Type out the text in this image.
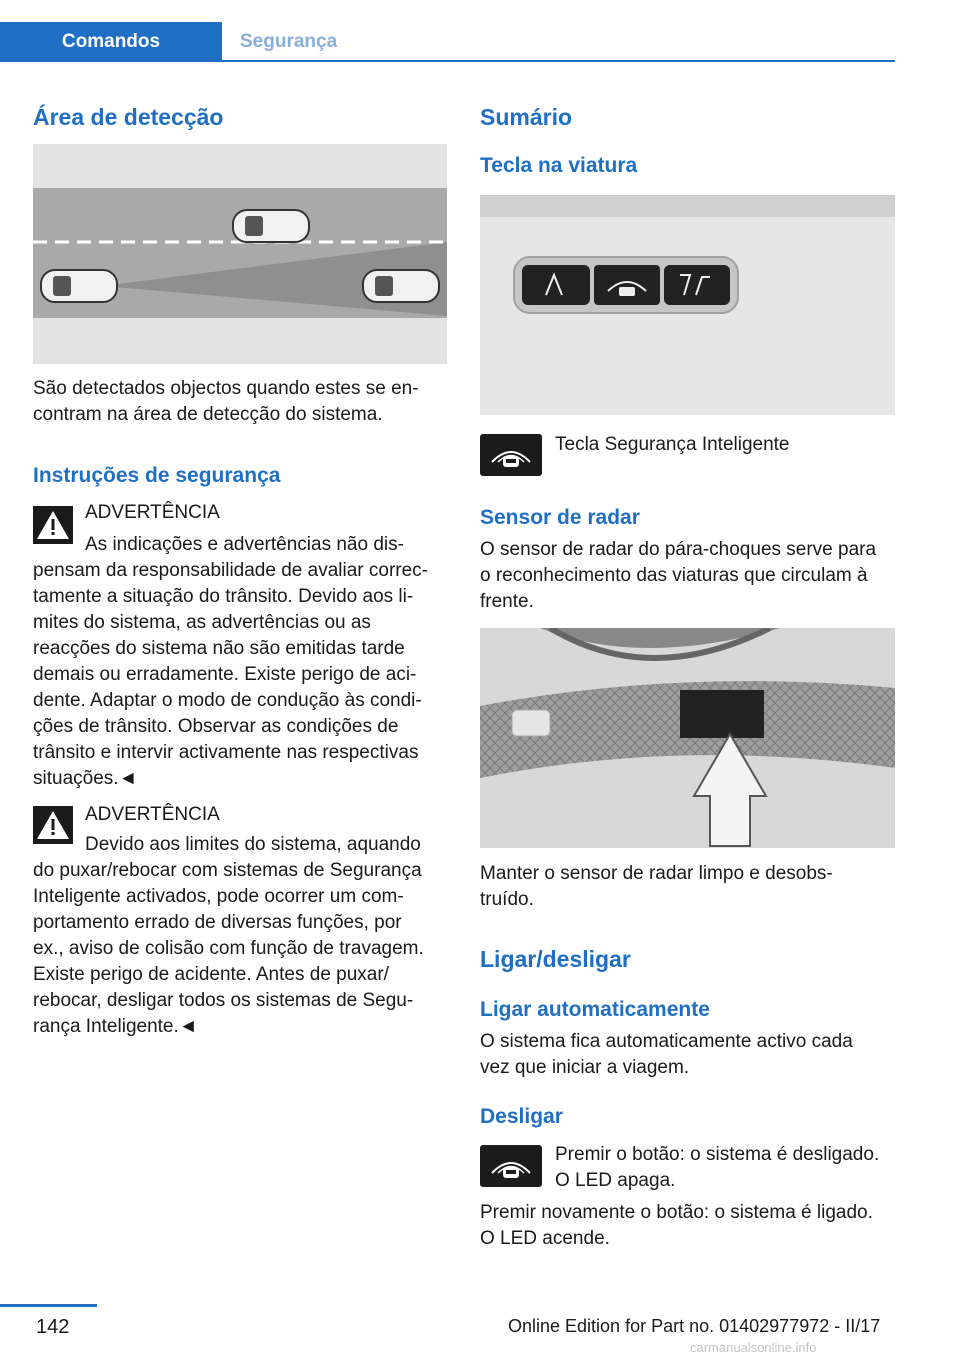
Comandos	Segurança
Área de detecção

São detectados objectos quando estes se en-
contram na área de detecção do sistema.

Instruções de segurança

ADVERTÊNCIA

As indicações e advertências não dis-

pensam da responsabilidade de avaliar correc-
tamente a situação do trânsito. Devido aos li-
mites do sistema, as advertências ou as
reacções do sistema não são emitidas tarde
demais ou erradamente. Existe perigo de aci-
dente. Adaptar o modo de condução às condi-
ções de trânsito. Observar as condições de
trânsito e intervir activamente nas respectivas
situações.◄

ADVERTÊNCIA

Devido aos limites do sistema, aquando

do puxar/rebocar com sistemas de Segurança
Inteligente activados, pode ocorrer um com-
portamento errado de diversas funções, por
ex., aviso de colisão com função de travagem.
Existe perigo de acidente. Antes de puxar/
rebocar, desligar todos os sistemas de Segu-
rança Inteligente.◄

Sumário
Tecla na viatura

Tecla Segurança Inteligente

Sensor de radar

O sensor de radar do pára-choques serve para
o reconhecimento das viaturas que circulam à
frente.

Manter o sensor de radar limpo e desobs-
truído.

Ligar/desligar
Ligar automaticamente

O sistema fica automaticamente activo cada
vez que iniciar a viagem.

Desligar

Premir o botão: o sistema é desligado.
O LED apaga.

Premir novamente o botão: o sistema é ligado.
O LED acende.

142	Online Edition for Part no. 01402977972 - II/17
carmanualsonline.info
